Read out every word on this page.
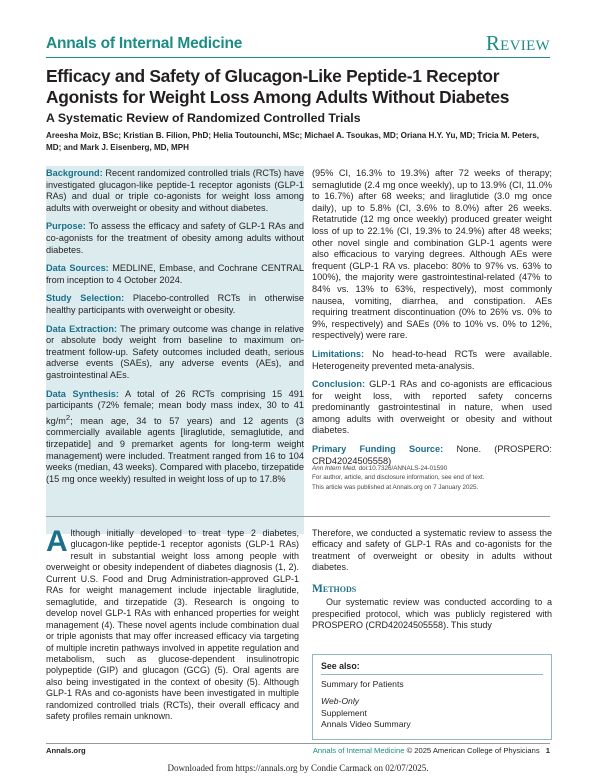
Annals of Internal Medicine	Review
Efficacy and Safety of Glucagon-Like Peptide-1 Receptor Agonists for Weight Loss Among Adults Without Diabetes
A Systematic Review of Randomized Controlled Trials
Areesha Moiz, BSc; Kristian B. Filion, PhD; Helia Toutounchi, MSc; Michael A. Tsoukas, MD; Oriana H.Y. Yu, MD; Tricia M. Peters, MD; and Mark J. Eisenberg, MD, MPH

Background: Recent randomized controlled trials (RCTs) have investigated glucagon-like peptide-1 receptor agonists (GLP-1 RAs) and dual or triple co-agonists for weight loss among adults with overweight or obesity and without diabetes.

Purpose: To assess the efficacy and safety of GLP-1 RAs and co-agonists for the treatment of obesity among adults without diabetes.

Data Sources: MEDLINE, Embase, and Cochrane CENTRAL from inception to 4 October 2024.

Study Selection: Placebo-controlled RCTs in otherwise healthy participants with overweight or obesity.

Data Extraction: The primary outcome was change in relative or absolute body weight from baseline to maximum on-treatment follow-up. Safety outcomes included death, serious adverse events (SAEs), any adverse events (AEs), and gastrointestinal AEs.

Data Synthesis: A total of 26 RCTs comprising 15 491 participants (72% female; mean body mass index, 30 to 41 $kg/m^2$; mean age, 34 to 57 years) and 12 agents (3 commercially available agents [liraglutide, semaglutide, and tirzepatide] and 9 premarket agents for long-term weight management) were included. Treatment ranged from 16 to 104 weeks (median, 43 weeks). Compared with placebo, tirzepatide (15 mg once weekly) resulted in weight loss of up to 17.8%

(95% CI, 16.3% to 19.3%) after 72 weeks of therapy; semaglutide (2.4 mg once weekly), up to 13.9% (CI, 11.0% to 16.7%) after 68 weeks; and liraglutide (3.0 mg once daily), up to 5.8% (CI, 3.6% to 8.0%) after 26 weeks. Retatrutide (12 mg once weekly) produced greater weight loss of up to 22.1% (CI, 19.3% to 24.9%) after 48 weeks; other novel single and combination GLP-1 agents were also efficacious to varying degrees. Although AEs were frequent (GLP-1 RA vs. placebo: 80% to 97% vs. 63% to 100%), the majority were gastrointestinal-related (47% to 84% vs. 13% to 63%, respectively), most commonly nausea, vomiting, diarrhea, and constipation. AEs requiring treatment discontinuation (0% to 26% vs. 0% to 9%, respectively) and SAEs (0% to 10% vs. 0% to 12%, respectively) were rare.

Limitations: No head-to-head RCTs were available. Heterogeneity prevented meta-analysis.

Conclusion: GLP-1 RAs and co-agonists are efficacious for weight loss, with reported safety concerns predominantly gastrointestinal in nature, when used among adults with overweight or obesity and without diabetes.

Primary Funding Source: None. (PROSPERO: CRD42024505558)

Ann Intern Med. doi:10.7326/ANNALS-24-01590
For author, article, and disclosure information, see end of text.
This article was published at Annals.org on 7 January 2025.

Although initially developed to treat type 2 diabetes, glucagon-like peptide-1 receptor agonists (GLP-1 RAs) result in substantial weight loss among people with overweight or obesity independent of diabetes diagnosis (1, 2). Current U.S. Food and Drug Administration-approved GLP-1 RAs for weight management include injectable liraglutide, semaglutide, and tirzepatide (3). Research is ongoing to develop novel GLP-1 RAs with enhanced properties for weight management (4). These novel agents include combination dual or triple agonists that may offer increased efficacy via targeting of multiple incretin pathways involved in appetite regulation and metabolism, such as glucose-dependent insulinotropic polypeptide (GIP) and glucagon (GCG) (5). Oral agents are also being investigated in the context of obesity (5). Although GLP-1 RAs and co-agonists have been investigated in multiple randomized controlled trials (RCTs), their overall efficacy and safety profiles remain unknown.

Therefore, we conducted a systematic review to assess the efficacy and safety of GLP-1 RAs and co-agonists for the treatment of overweight or obesity in adults without diabetes.

Methods

Our systematic review was conducted according to a prespecified protocol, which was publicly registered with PROSPERO (CRD42024505558). This study

See also:
Summary for Patients
Web-Only
Supplement
Annals Video Summary
Annals.org	Annals of Internal Medicine © 2025 American College of Physicians 1
Downloaded from https://annals.org by Condie Carmack on 02/07/2025.
